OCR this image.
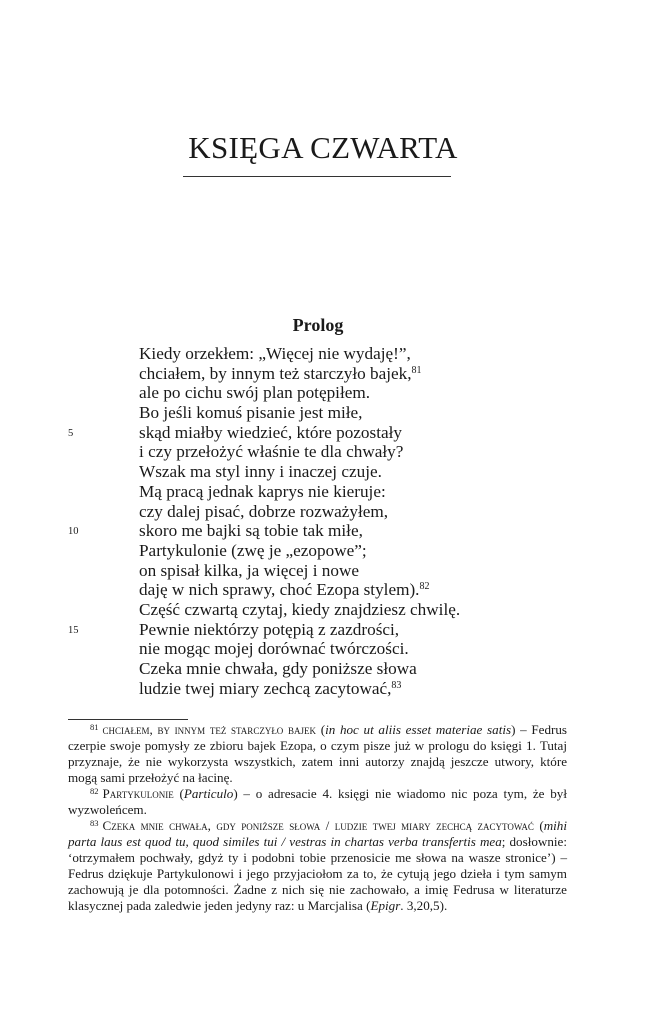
KSIĘGA CZWARTA
Prolog
Kiedy orzekłem: „Więcej nie wydaję!”,
chciałem, by innym też starczyło bajek,$^{81}$
ale po cichu swój plan potępiłem.
Bo jeśli komuś pisanie jest miłe,
5	skąd miałby wiedzieć, które pozostały
i czy przełożyć właśnie te dla chwały?
Wszak ma styl inny i inaczej czuje.
Mą pracą jednak kaprys nie kieruje:
czy dalej pisać, dobrze rozważyłem,
10	skoro me bajki są tobie tak miłe,
Partykulonie (zwę je „ezopowe”;
on spisał kilka, ja więcej i nowe
daję w nich sprawy, choć Ezopa stylem).$^{82}$
Część czwartą czytaj, kiedy znajdziesz chwilę.
15	Pewnie niektórzy potępią z zazdrości,
nie mogąc mojej dorównać twórczości.
Czeka mnie chwała, gdy poniższe słowa
ludzie twej miary zechcą zacytować,$^{83}$

$^{81}$ chciałem, by innym też starczyło bajek (in hoc ut aliis esset materiae satis) – Fedrus czerpie swoje pomysły ze zbioru bajek Ezopa, o czym pisze już w prologu do księgi 1. Tutaj przyznaje, że nie wykorzysta wszystkich, zatem inni autorzy znajdą jeszcze utwory, które mogą sami przełożyć na łacinę.

$^{82}$ Partykulonie (Particulo) – o adresacie 4. księgi nie wiadomo nic poza tym, że był wyzwoleńcem.

$^{83}$ Czeka mnie chwała, gdy poniższe słowa / ludzie twej miary zechcą zacytować (mihi parta laus est quod tu, quod similes tui / vestras in chartas verba transfertis mea; dosłownie: ‘otrzymałem pochwały, gdyż ty i podobni tobie przenosicie me słowa na wasze stronice’) – Fedrus dziękuje Partykulonowi i jego przyjaciołom za to, że cytują jego dzieła i tym samym zachowują je dla potomności. Żadne z nich się nie zachowało, a imię Fedrusa w literaturze klasycznej pada zaledwie jeden jedyny raz: u Marcjalisa (Epigr. 3,20,5).
